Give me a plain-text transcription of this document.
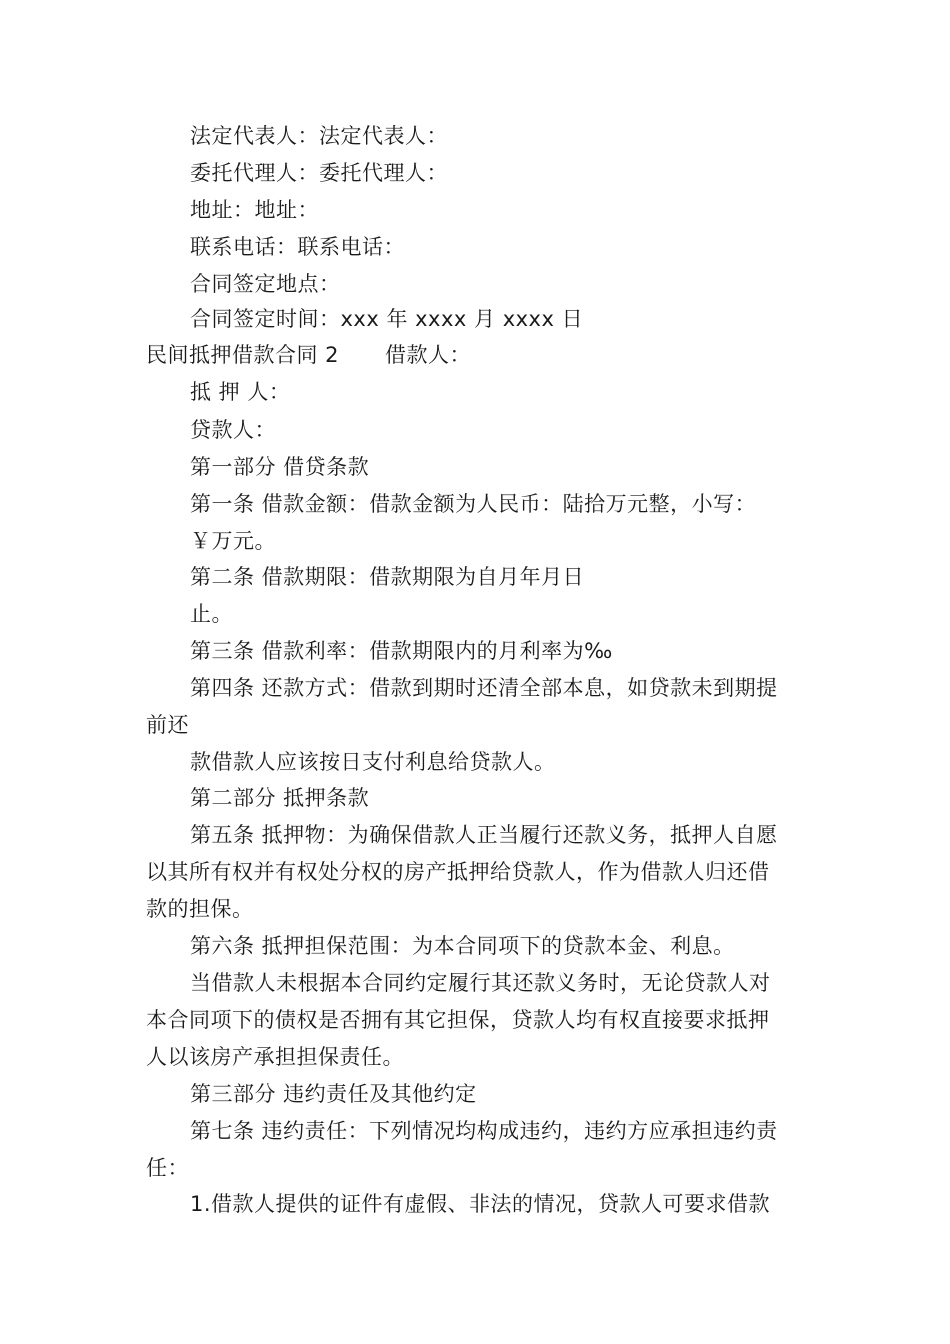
法定代表人：法定代表人：
委托代理人：委托代理人：
地址：地址：
联系电话：联系电话：
合同签定地点：
合同签定时间：xxx 年 xxxx 月 xxxx 日
民间抵押借款合同 2 借款人：
抵 押 人：
贷款人：
第一部分 借贷条款
第一条 借款金额：借款金额为人民币：陆拾万元整，小写：
￥万元。
第二条 借款期限：借款期限为自月年月日
止。
第三条 借款利率：借款期限内的月利率为‰
第四条 还款方式：借款到期时还清全部本息，如贷款未到期提
前还
款借款人应该按日支付利息给贷款人。
第二部分 抵押条款
第五条 抵押物：为确保借款人正当履行还款义务，抵押人自愿
以其所有权并有权处分权的房产抵押给贷款人，作为借款人归还借
款的担保。
第六条 抵押担保范围：为本合同项下的贷款本金、利息。
当借款人未根据本合同约定履行其还款义务时，无论贷款人对
本合同项下的债权是否拥有其它担保，贷款人均有权直接要求抵押
人以该房产承担担保责任。
第三部分 违约责任及其他约定
第七条 违约责任：下列情况均构成违约，违约方应承担违约责
任：
1.借款人提供的证件有虚假、非法的情况，贷款人可要求借款
